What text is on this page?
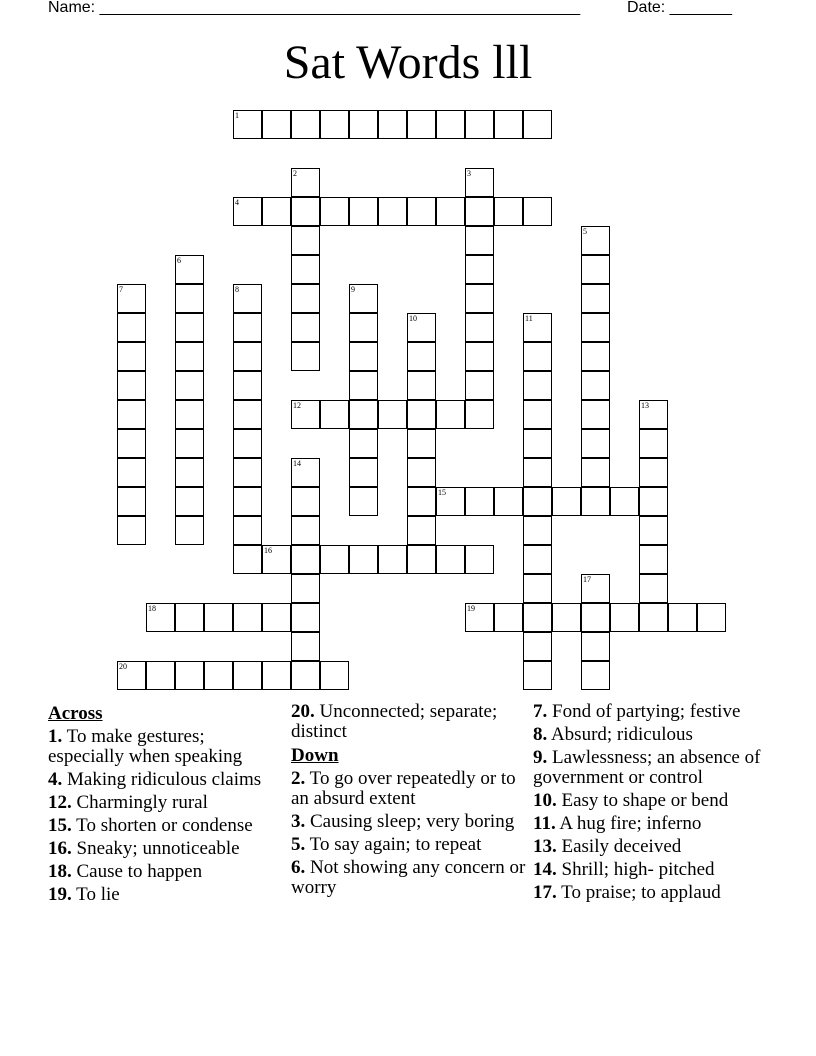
Name: ______________________________________________________	Date: _______
Sat Words lll
1
4
12
15
16
18	19
20
2	3
5
6
7	8	9
10	11
13
14
17
Across
1. To make gestures; especially when speaking
4. Making ridiculous claims
12. Charmingly rural
15. To shorten or condense
16. Sneaky; unnoticeable
18. Cause to happen
19. To lie
20. Unconnected; separate; distinct
Down
2. To go over repeatedly or to an absurd extent
3. Causing sleep; very boring
5. To say again; to repeat
6. Not showing any concern or worry
7. Fond of partying; festive
8. Absurd; ridiculous
9. Lawlessness; an absence of government or control
10. Easy to shape or bend
11. A hug fire; inferno
13. Easily deceived
14. Shrill; high- pitched
17. To praise; to applaud
